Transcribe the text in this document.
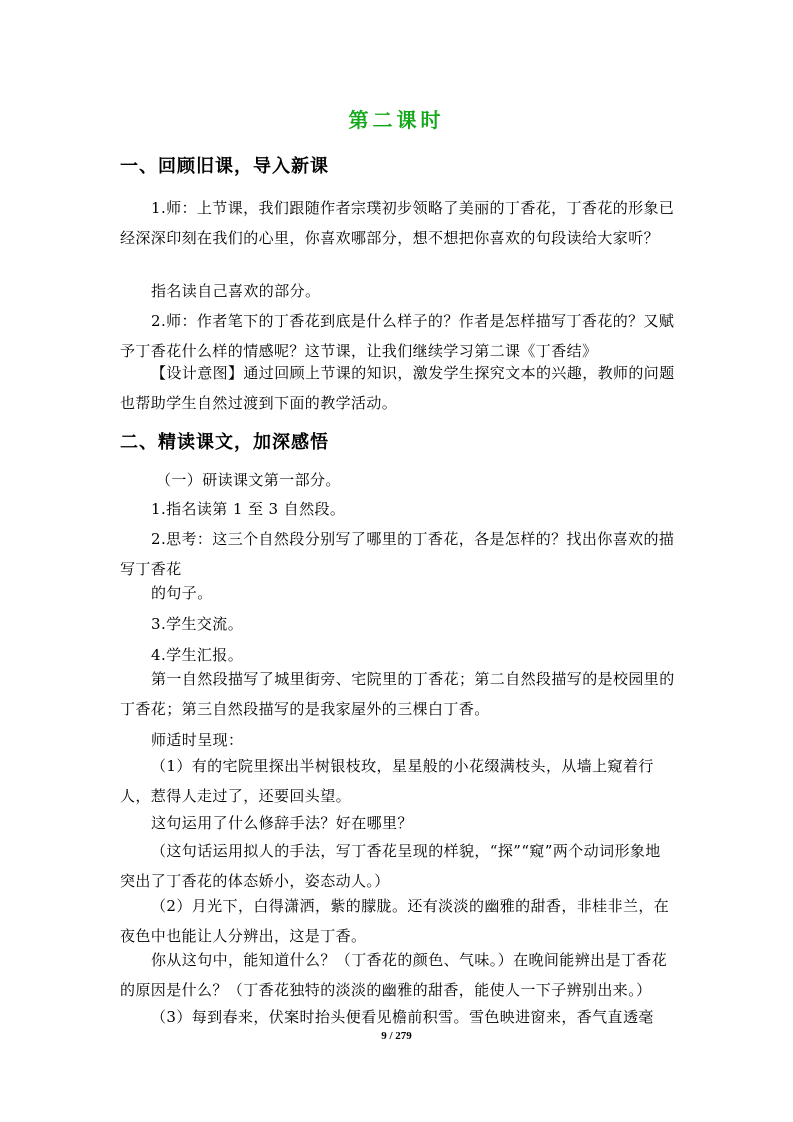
第二课时
一、回顾旧课，导入新课
1.师：上节课，我们跟随作者宗璞初步领略了美丽的丁香花，丁香花的形象已经深深印刻在我们的心里，你喜欢哪部分，想不想把你喜欢的句段读给大家听？
指名读自己喜欢的部分。
2.师：作者笔下的丁香花到底是什么样子的？作者是怎样描写丁香花的？又赋予丁香花什么样的情感呢？这节课，让我们继续学习第二课《丁香结》
【设计意图】通过回顾上节课的知识，激发学生探究文本的兴趣，教师的问题也帮助学生自然过渡到下面的教学活动。
二、精读课文，加深感悟
（一）研读课文第一部分。
1.指名读第 1 至 3 自然段。
2.思考：这三个自然段分别写了哪里的丁香花，各是怎样的？找出你喜欢的描写丁香花
的句子。
3.学生交流。
4.学生汇报。
第一自然段描写了城里街旁、宅院里的丁香花；第二自然段描写的是校园里的丁香花；第三自然段描写的是我家屋外的三棵白丁香。
师适时呈现：
（1）有的宅院里探出半树银枝玫，星星般的小花缀满枝头，从墙上窥着行人，惹得人走过了，还要回头望。
这句运用了什么修辞手法？好在哪里？
（这句话运用拟人的手法，写丁香花呈现的样貌，“探”“窥”两个动词形象地突出了丁香花的体态娇小，姿态动人。）
（2）月光下，白得潇洒，紫的朦胧。还有淡淡的幽雅的甜香，非桂非兰，在夜色中也能让人分辨出，这是丁香。
你从这句中，能知道什么？（丁香花的颜色、气味。）在晚间能辨出是丁香花的原因是什么？（丁香花独特的淡淡的幽雅的甜香，能使人一下子辨别出来。）
（3）每到春来，伏案时抬头便看见檐前积雪。雪色映进窗来，香气直透毫
9 / 279
